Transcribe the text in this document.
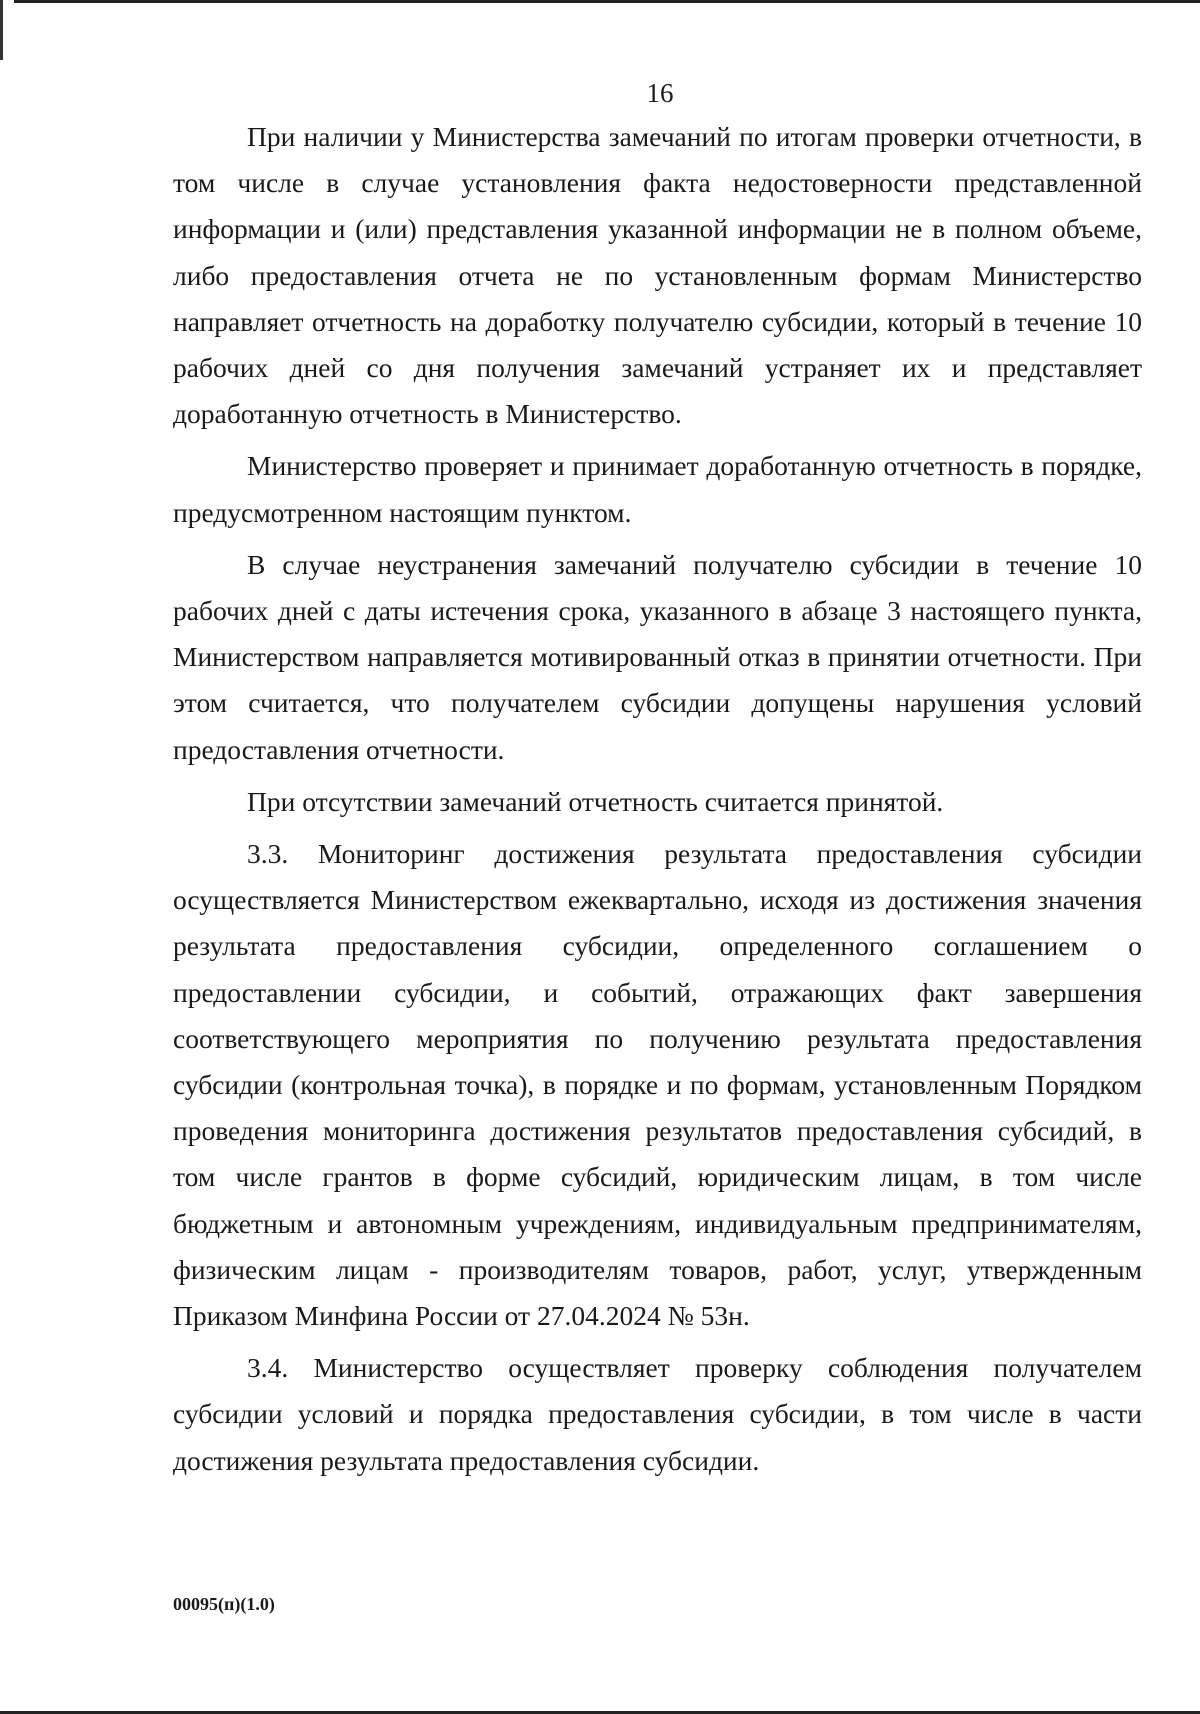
16

При наличии у Министерства замечаний по итогам проверки отчетности, в том числе в случае установления факта недостоверности представленной информации и (или) представления указанной информации не в полном объеме, либо предоставления отчета не по установленным формам Министерство направляет отчетность на доработку получателю субсидии, который в течение 10 рабочих дней со дня получения замечаний устраняет их и представляет доработанную отчетность в Министерство.

Министерство проверяет и принимает доработанную отчетность в порядке, предусмотренном настоящим пунктом.

В случае неустранения замечаний получателю субсидии в течение 10 рабочих дней с даты истечения срока, указанного в абзаце 3 настоящего пункта, Министерством направляется мотивированный отказ в принятии отчетности. При этом считается, что получателем субсидии допущены нарушения условий предоставления отчетности.

При отсутствии замечаний отчетность считается принятой.

3.3. Мониторинг достижения результата предоставления субсидии осуществляется Министерством ежеквартально, исходя из достижения значения результата предоставления субсидии, определенного соглашением о предоставлении субсидии, и событий, отражающих факт завершения соответствующего мероприятия по получению результата предоставления субсидии (контрольная точка), в порядке и по формам, установленным Порядком проведения мониторинга достижения результатов предоставления субсидий, в том числе грантов в форме субсидий, юридическим лицам, в том числе бюджетным и автономным учреждениям, индивидуальным предпринимателям, физическим лицам - производителям товаров, работ, услуг, утвержденным Приказом Минфина России от 27.04.2024 № 53н.

3.4. Министерство осуществляет проверку соблюдения получателем субсидии условий и порядка предоставления субсидии, в том числе в части достижения результата предоставления субсидии.

00095(п)(1.0)
